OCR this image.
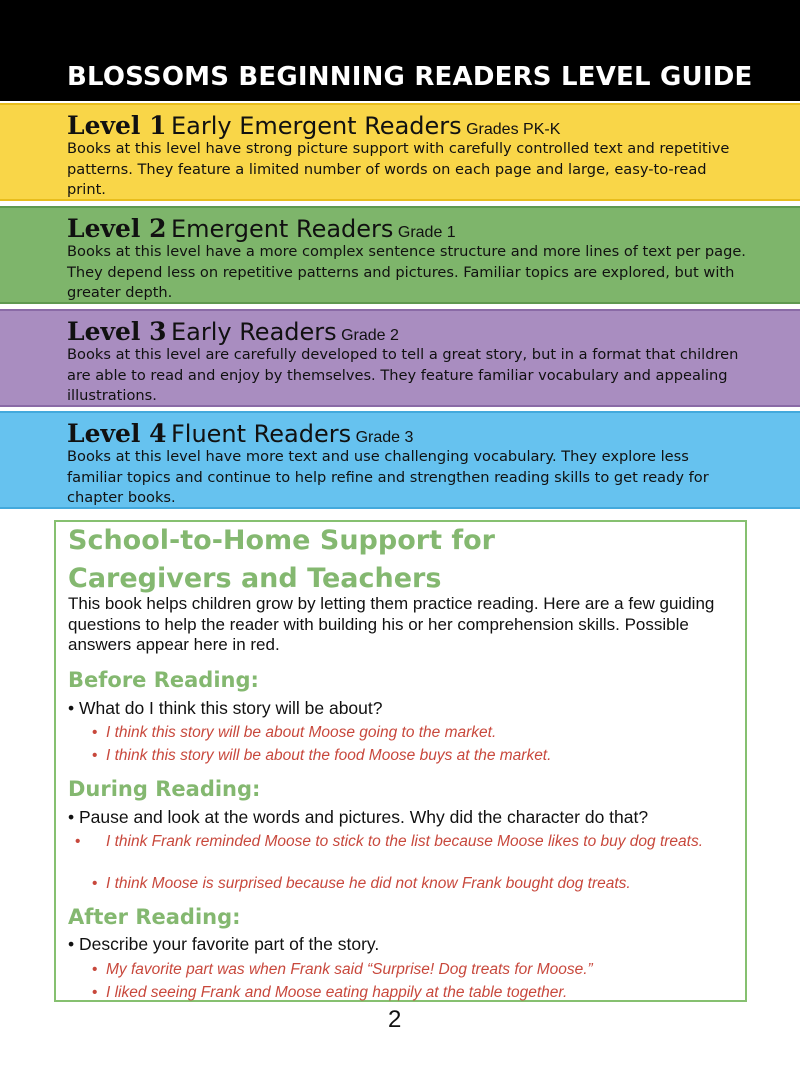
BLOSSOMS BEGINNING READERS LEVEL GUIDE
Level 1 Early Emergent Readers Grades PK-K
Books at this level have strong picture support with carefully controlled text and repetitive patterns. They feature a limited number of words on each page and large, easy-to-read print.
Level 2 Emergent Readers Grade 1
Books at this level have a more complex sentence structure and more lines of text per page. They depend less on repetitive patterns and pictures. Familiar topics are explored, but with greater depth.
Level 3 Early Readers Grade 2
Books at this level are carefully developed to tell a great story, but in a format that children are able to read and enjoy by themselves. They feature familiar vocabulary and appealing illustrations.
Level 4 Fluent Readers Grade 3
Books at this level have more text and use challenging vocabulary. They explore less familiar topics and continue to help refine and strengthen reading skills to get ready for chapter books.
School-to-Home Support for Caregivers and Teachers
This book helps children grow by letting them practice reading. Here are a few guiding questions to help the reader with building his or her comprehension skills. Possible answers appear here in red.
Before Reading:
• What do I think this story will be about?
• I think this story will be about Moose going to the market.
• I think this story will be about the food Moose buys at the market.
During Reading:
• Pause and look at the words and pictures. Why did the character do that?
• I think Frank reminded Moose to stick to the list because Moose likes to buy dog treats.
• I think Moose is surprised because he did not know Frank bought dog treats.
After Reading:
• Describe your favorite part of the story.
• My favorite part was when Frank said “Surprise! Dog treats for Moose.”
• I liked seeing Frank and Moose eating happily at the table together.
2
